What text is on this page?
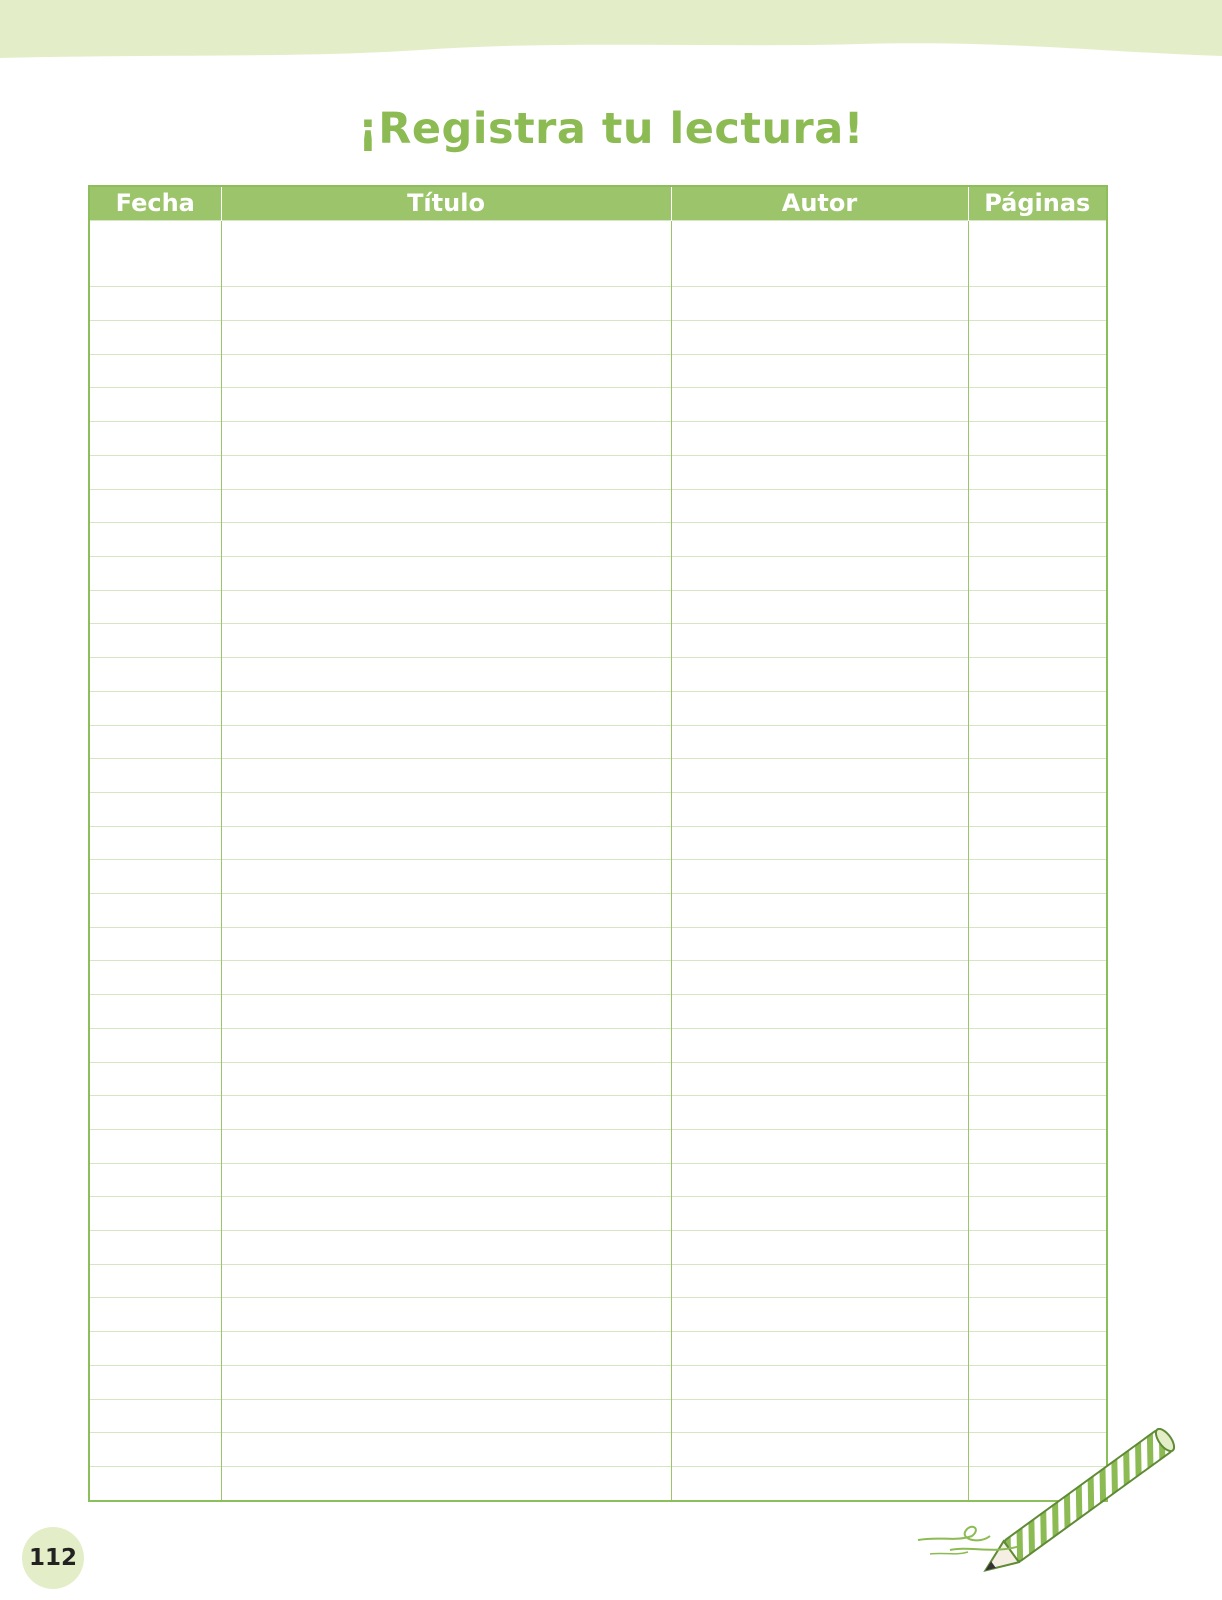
¡Registra tu lectura!
Fecha	Título	Autor	Páginas

112
